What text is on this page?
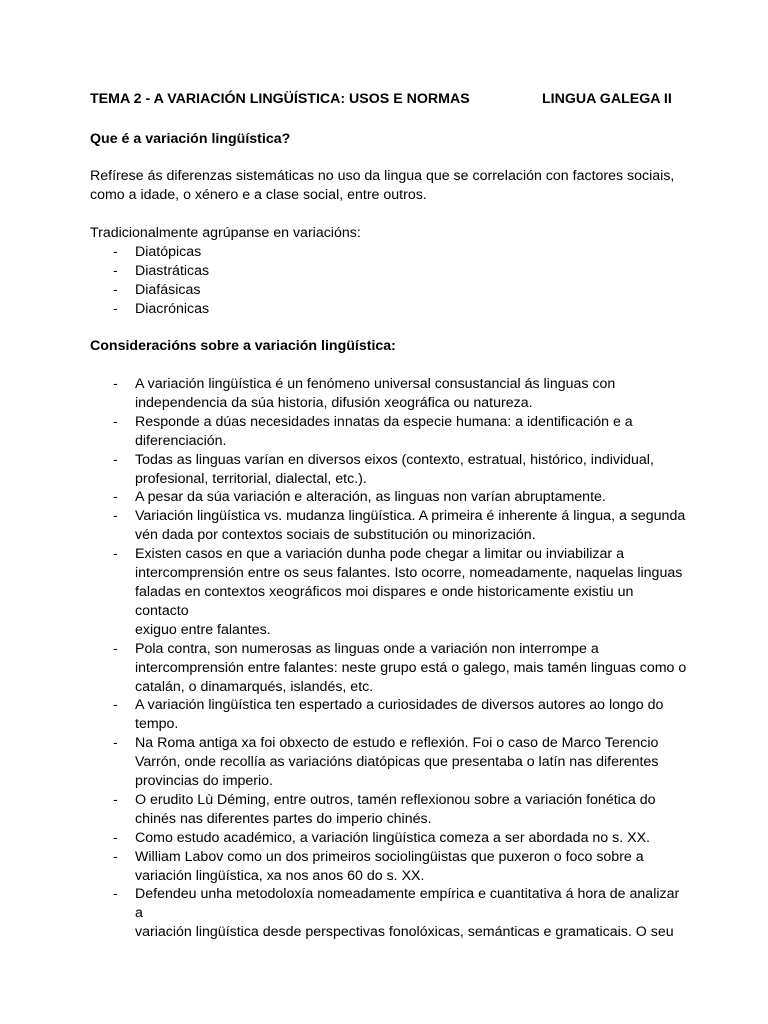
TEMA 2 - A VARIACIÓN LINGÜÍSTICA: USOS E NORMAS	LINGUA GALEGA II
Que é a variación lingüística?
Refírese ás diferenzas sistemáticas no uso da lingua que se correlación con factores sociais,
como a idade, o xénero e a clase social, entre outros.
Tradicionalmente agrúpanse en variacións:
- Diatópicas
- Diastráticas
- Diafásicas
- Diacrónicas
Consideracións sobre a variación lingüística:
- A variación lingüística é un fenómeno universal consustancial ás linguas con
independencia da súa historia, difusión xeográfica ou natureza.
- Responde a dúas necesidades innatas da especie humana: a identificación e a
diferenciación.
- Todas as linguas varían en diversos eixos (contexto, estratual, histórico, individual,
profesional, territorial, dialectal, etc.).
- A pesar da súa variación e alteración, as linguas non varían abruptamente.
- Variación lingüística vs. mudanza lingüística. A primeira é inherente á lingua, a segunda
vén dada por contextos sociais de substitución ou minorización.
- Existen casos en que a variación dunha pode chegar a limitar ou inviabilizar a
intercomprensión entre os seus falantes. Isto ocorre, nomeadamente, naquelas linguas
faladas en contextos xeográficos moi dispares e onde historicamente existiu un contacto
exiguo entre falantes.
- Pola contra, son numerosas as linguas onde a variación non interrompe a
intercomprensión entre falantes: neste grupo está o galego, mais tamén linguas como o
catalán, o dinamarqués, islandés, etc.
- A variación lingüística ten espertado a curiosidades de diversos autores ao longo do
tempo.
- Na Roma antiga xa foi obxecto de estudo e reflexión. Foi o caso de Marco Terencio
Varrón, onde recollía as variacións diatópicas que presentaba o latín nas diferentes
provincias do imperio.
- O erudito Lù Déming, entre outros, tamén reflexionou sobre a variación fonética do
chinés nas diferentes partes do imperio chinés.
- Como estudo académico, a variación lingüística comeza a ser abordada no s. XX.
- William Labov como un dos primeiros sociolingüistas que puxeron o foco sobre a
variación lingüística, xa nos anos 60 do s. XX.
- Defendeu unha metodoloxía nomeadamente empírica e cuantitativa á hora de analizar a
variación lingüística desde perspectivas fonolóxicas, semánticas e gramaticais. O seu
